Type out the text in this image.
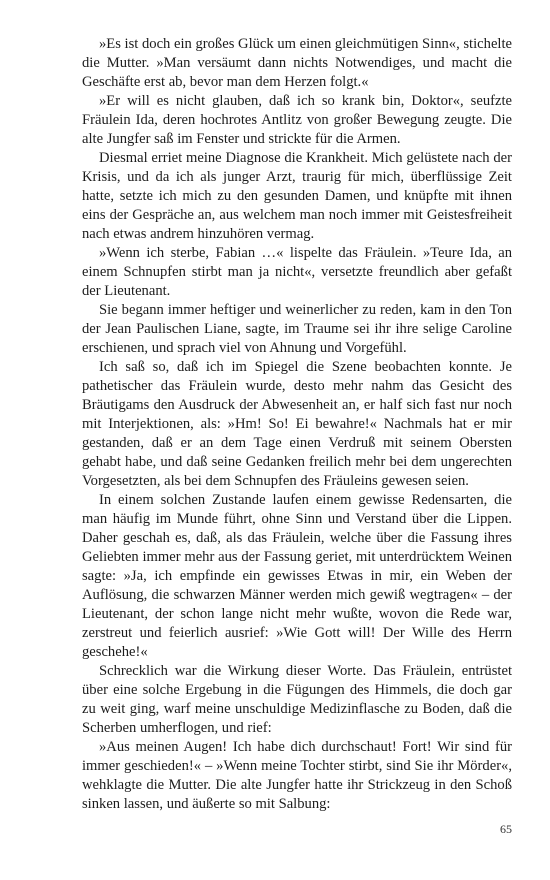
»Es ist doch ein großes Glück um einen gleichmütigen Sinn«, stichelte die Mutter. »Man versäumt dann nichts Notwendiges, und macht die Geschäfte erst ab, bevor man dem Herzen folgt.«

»Er will es nicht glauben, daß ich so krank bin, Doktor«, seufzte Fräulein Ida, deren hochrotes Antlitz von großer Bewegung zeugte. Die alte Jungfer saß im Fenster und strickte für die Armen.

Diesmal erriet meine Diagnose die Krankheit. Mich gelüstete nach der Krisis, und da ich als junger Arzt, traurig für mich, überflüssige Zeit hatte, setzte ich mich zu den gesunden Damen, und knüpfte mit ihnen eins der Gespräche an, aus welchem man noch immer mit Geistesfreiheit nach etwas andrem hinzuhören vermag.

»Wenn ich sterbe, Fabian …« lispelte das Fräulein. »Teure Ida, an einem Schnupfen stirbt man ja nicht«, versetzte freundlich aber gefaßt der Lieutenant.

Sie begann immer heftiger und weinerlicher zu reden, kam in den Ton der Jean Paulischen Liane, sagte, im Traume sei ihr ihre selige Caroline erschienen, und sprach viel von Ahnung und Vorgefühl.

Ich saß so, daß ich im Spiegel die Szene beobachten konnte. Je pathetischer das Fräulein wurde, desto mehr nahm das Gesicht des Bräutigams den Ausdruck der Abwesenheit an, er half sich fast nur noch mit Interjektionen, als: »Hm! So! Ei bewahre!« Nachmals hat er mir gestanden, daß er an dem Tage einen Verdruß mit seinem Obersten gehabt habe, und daß seine Gedanken freilich mehr bei dem ungerechten Vorgesetzten, als bei dem Schnupfen des Fräuleins gewesen seien.

In einem solchen Zustande laufen einem gewisse Redensarten, die man häufig im Munde führt, ohne Sinn und Verstand über die Lippen. Daher geschah es, daß, als das Fräulein, welche über die Fassung ihres Geliebten immer mehr aus der Fassung geriet, mit unterdrücktem Weinen sagte: »Ja, ich empfinde ein gewisses Etwas in mir, ein Weben der Auflösung, die schwarzen Männer werden mich gewiß wegtragen« – der Lieutenant, der schon lange nicht mehr wußte, wovon die Rede war, zerstreut und feierlich ausrief: »Wie Gott will! Der Wille des Herrn geschehe!«

Schrecklich war die Wirkung dieser Worte. Das Fräulein, entrüstet über eine solche Ergebung in die Fügungen des Himmels, die doch gar zu weit ging, warf meine unschuldige Medizinflasche zu Boden, daß die Scherben umherflogen, und rief:

»Aus meinen Augen! Ich habe dich durchschaut! Fort! Wir sind für immer geschieden!« – »Wenn meine Tochter stirbt, sind Sie ihr Mörder«, wehklagte die Mutter. Die alte Jungfer hatte ihr Strickzeug in den Schoß sinken lassen, und äußerte so mit Salbung:

65
